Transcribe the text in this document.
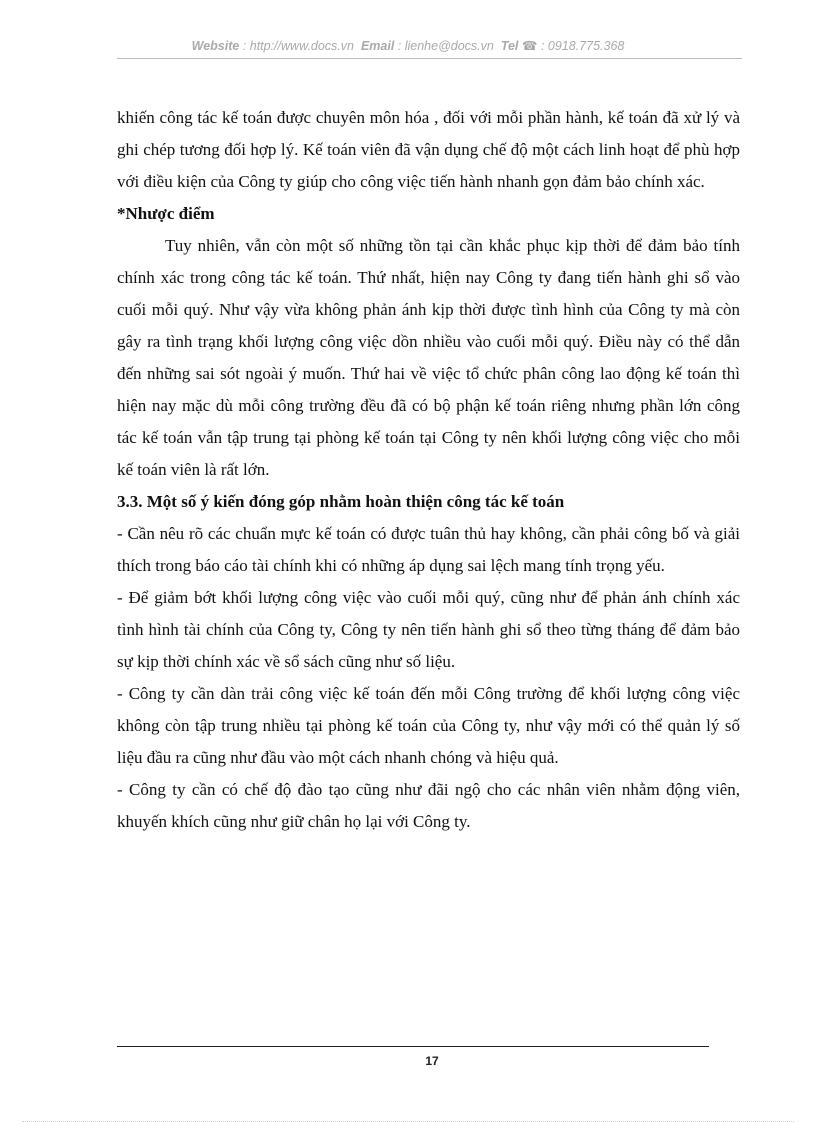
Website : http://www.docs.vn Email : lienhe@docs.vn Tel ☎ : 0918.775.368

khiến công tác kế toán được chuyên môn hóa , đối với mỗi phần hành, kế toán đã xử lý và ghi chép tương đối hợp lý. Kế toán viên đã vận dụng chế độ một cách linh hoạt để phù hợp với điều kiện của Công ty giúp cho công việc tiến hành nhanh gọn đảm bảo chính xác.

*Nhược điểm

Tuy nhiên, vẫn còn một số những tồn tại cần khắc phục kịp thời để đảm bảo tính chính xác trong công tác kế toán. Thứ nhất, hiện nay Công ty đang tiến hành ghi sổ vào cuối mỗi quý. Như vậy vừa không phản ánh kịp thời được tình hình của Công ty mà còn gây ra tình trạng khối lượng công việc dồn nhiều vào cuối mỗi quý. Điều này có thể dẫn đến những sai sót ngoài ý muốn. Thứ hai về việc tổ chức phân công lao động kế toán thì hiện nay mặc dù mỗi công trường đều đã có bộ phận kế toán riêng nhưng phần lớn công tác kế toán vẫn tập trung tại phòng kế toán tại Công ty nên khối lượng công việc cho mỗi kế toán viên là rất lớn.

3.3. Một số ý kiến đóng góp nhằm hoàn thiện công tác kế toán

- Cần nêu rõ các chuẩn mực kế toán có được tuân thủ hay không, cần phải công bố và giải thích trong báo cáo tài chính khi có những áp dụng sai lệch mang tính trọng yếu.

- Để giảm bớt khối lượng công việc vào cuối mỗi quý, cũng như để phản ánh chính xác tình hình tài chính của Công ty, Công ty nên tiến hành ghi sổ theo từng tháng để đảm bảo sự kịp thời chính xác về sổ sách cũng như số liệu.

- Công ty cần dàn trải công việc kế toán đến mỗi Công trường để khối lượng công việc không còn tập trung nhiều tại phòng kế toán của Công ty, như vậy mới có thể quản lý số liệu đầu ra cũng như đầu vào một cách nhanh chóng và hiệu quả.

- Công ty cần có chế độ đào tạo cũng như đãi ngộ cho các nhân viên nhằm động viên, khuyến khích cũng như giữ chân họ lại với Công ty.

17
